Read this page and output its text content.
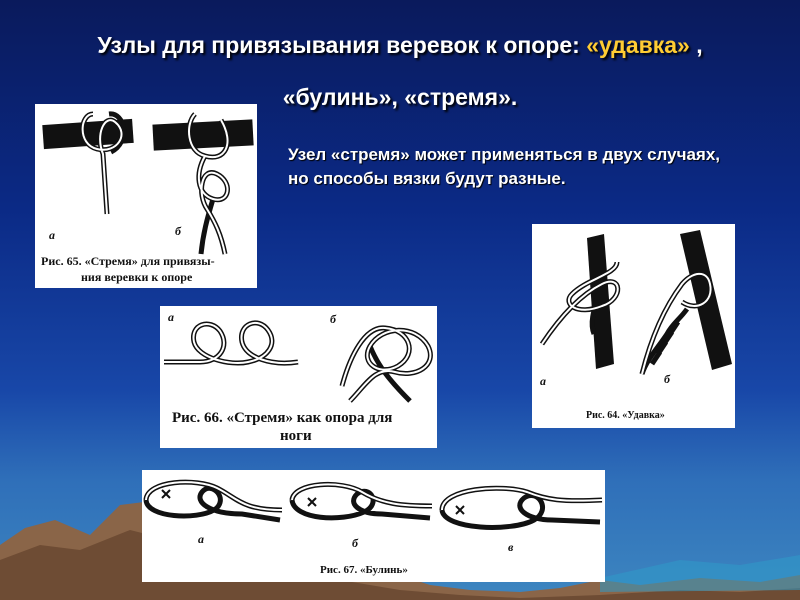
Узлы для привязывания веревок к опоре: «удавка» ,
«булинь», «стремя».
Узел «стремя» может применяться в двух случаях, но способы вязки будут разные.
а	б
Рис. 65. «Стремя» для привязы-
ния веревки к опоре
а	б
Рис. 66. «Стремя» как опора для
ноги
а	б
Рис. 64. «Удавка»
а	б	в
Рис. 67. «Булинь»
